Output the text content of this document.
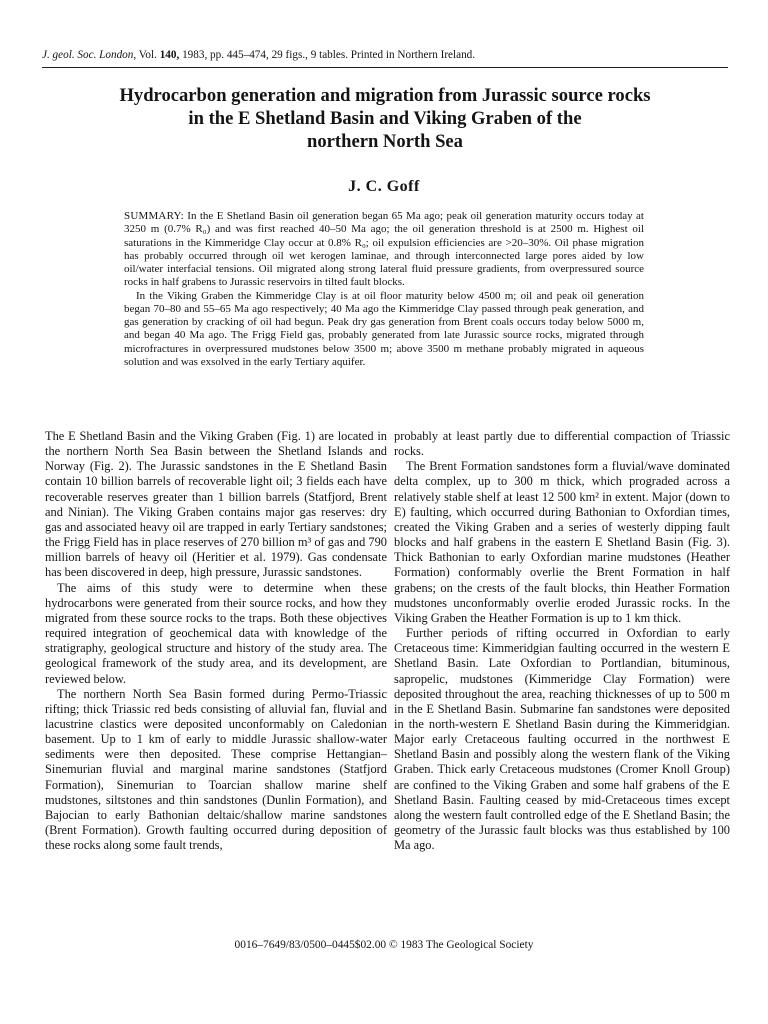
J. geol. Soc. London, Vol. 140, 1983, pp. 445–474, 29 figs., 9 tables. Printed in Northern Ireland.
Hydrocarbon generation and migration from Jurassic source rocks
in the E Shetland Basin and Viking Graben of the
northern North Sea
J. C. Goff

SUMMARY: In the E Shetland Basin oil generation began 65 Ma ago; peak oil generation maturity occurs today at 3250 m (0.7% R₀) and was first reached 40–50 Ma ago; the oil generation threshold is at 2500 m. Highest oil saturations in the Kimmeridge Clay occur at 0.8% R₀; oil expulsion efficiencies are >20–30%. Oil phase migration has probably occurred through oil wet kerogen laminae, and through interconnected large pores aided by low oil/water interfacial tensions. Oil migrated along strong lateral fluid pressure gradients, from overpressured source rocks in half grabens to Jurassic reservoirs in tilted fault blocks.

In the Viking Graben the Kimmeridge Clay is at oil floor maturity below 4500 m; oil and peak oil generation began 70–80 and 55–65 Ma ago respectively; 40 Ma ago the Kimmeridge Clay passed through peak generation, and gas generation by cracking of oil had begun. Peak dry gas generation from Brent coals occurs today below 5000 m, and began 40 Ma ago. The Frigg Field gas, probably generated from late Jurassic source rocks, migrated through microfractures in overpressured mudstones below 3500 m; above 3500 m methane probably migrated in aqueous solution and was exsolved in the early Tertiary aquifer.

The E Shetland Basin and the Viking Graben (Fig. 1) are located in the northern North Sea Basin between the Shetland Islands and Norway (Fig. 2). The Jurassic sandstones in the E Shetland Basin contain 10 billion barrels of recoverable light oil; 3 fields each have recoverable reserves greater than 1 billion barrels (Statfjord, Brent and Ninian). The Viking Graben contains major gas reserves: dry gas and associated heavy oil are trapped in early Tertiary sandstones; the Frigg Field has in place reserves of 270 billion m³ of gas and 790 million barrels of heavy oil (Heritier et al. 1979). Gas condensate has been discovered in deep, high pressure, Jurassic sandstones.

The aims of this study were to determine when these hydrocarbons were generated from their source rocks, and how they migrated from these source rocks to the traps. Both these objectives required integration of geochemical data with knowledge of the stratigraphy, geological structure and history of the study area. The geological framework of the study area, and its development, are reviewed below.

The northern North Sea Basin formed during Permo-Triassic rifting; thick Triassic red beds consisting of alluvial fan, fluvial and lacustrine clastics were deposited unconformably on Caledonian basement. Up to 1 km of early to middle Jurassic shallow-water sediments were then deposited. These comprise Hettangian–Sinemurian fluvial and marginal marine sandstones (Statfjord Formation), Sinemurian to Toarcian shallow marine shelf mudstones, siltstones and thin sandstones (Dunlin Formation), and Bajocian to early Bathonian deltaic/shallow marine sandstones (Brent Formation). Growth faulting occurred during deposition of these rocks along some fault trends,

probably at least partly due to differential compaction of Triassic rocks.

The Brent Formation sandstones form a fluvial/wave dominated delta complex, up to 300 m thick, which prograded across a relatively stable shelf at least 12 500 km² in extent. Major (down to E) faulting, which occurred during Bathonian to Oxfordian times, created the Viking Graben and a series of westerly dipping fault blocks and half grabens in the eastern E Shetland Basin (Fig. 3). Thick Bathonian to early Oxfordian marine mudstones (Heather Formation) conformably overlie the Brent Formation in half grabens; on the crests of the fault blocks, thin Heather Formation mudstones unconformably overlie eroded Jurassic rocks. In the Viking Graben the Heather Formation is up to 1 km thick.

Further periods of rifting occurred in Oxfordian to early Cretaceous time: Kimmeridgian faulting occurred in the western E Shetland Basin. Late Oxfordian to Portlandian, bituminous, sapropelic, mudstones (Kimmeridge Clay Formation) were deposited throughout the area, reaching thicknesses of up to 500 m in the E Shetland Basin. Submarine fan sandstones were deposited in the north-western E Shetland Basin during the Kimmeridgian. Major early Cretaceous faulting occurred in the northwest E Shetland Basin and possibly along the western flank of the Viking Graben. Thick early Cretaceous mudstones (Cromer Knoll Group) are confined to the Viking Graben and some half grabens of the E Shetland Basin. Faulting ceased by mid-Cretaceous times except along the western fault controlled edge of the E Shetland Basin; the geometry of the Jurassic fault blocks was thus established by 100 Ma ago.

0016–7649/83/0500–0445$02.00 © 1983 The Geological Society
